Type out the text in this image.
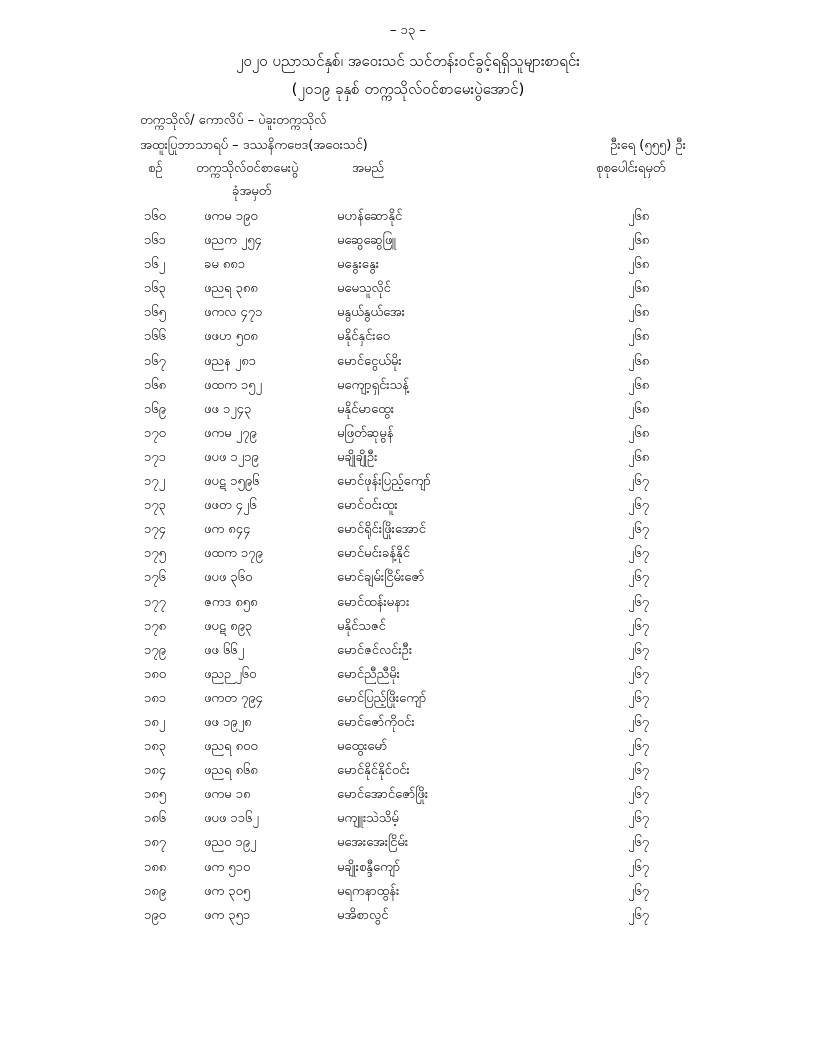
– ၁၃ –
၂၀၂၀ ပညာသင်နှစ်၊ အဝေးသင် သင်တန်းဝင်ခွင့်ရရှိသူများစာရင်း
(၂၀၁၉ ခုနှစ် တက္ကသိုလ်ဝင်စာမေးပွဲအောင်)
တက္ကသိုလ်/ ကောလိပ် – ပဲခူးတက္ကသိုလ်
အထူးပြုဘာသာရပ် – ဒဿနိကဗေဒ(အဝေးသင်)	ဦးရေ (၅၅၅) ဦး
စဉ်	တက္ကသိုလ်ဝင်စာမေးပွဲ
ခုံအမှတ်
အမည်	စုစုပေါင်းရမှတ်
၁၆၀	ဖကမ ၁၉၀	မဟန်ဆောနိုင်	၂၆၈
၁၆၁	ဖညက ၂၅၄	မဆွေဆွေဖြူ	၂၆၈
၁၆၂	ခမ ၈၈၁	မနွေးနွေး	၂၆၈
၁၆၃	ဖညရ ၃၈၈	မမေသူလိုင်	၂၆၈
၁၆၅	ဖကလ ၄၇၁	မနွယ်နွယ်အေး	၂၆၈
၁၆၆	ဖဖဟ ၅၀၈	မနိုင်နှင်းဝေ	၂၆၈
၁၆၇	ဖညန ၂၈၁	မောင်ငွေယ်မိုး	၂၆၈
၁၆၈	ဖထက ၁၅၂	မကျော့ရှင်းသန့်	၂၆၈
၁၆၉	ဖဖ ၁၂၄၃	မနိုင်မာထွေး	၂၆၈
၁၇၀	ဖကမ ၂၇၉	မဖြတ်ဆုမွန်	၂၆၈
၁၇၁	ဖပဖ ၁၂၁၉	မချိုချိုဦး	၂၆၈
၁၇၂	ဖပဋ ၁၅၉၆	မောင်ဖုန်းပြည့်ကျော်	၂၆၇
၁၇၃	ဖဖတ ၄၂၆	မောင်ဝင်းထူး	၂၆၇
၁၇၄	ဖက ၈၄၄	မောင်ရိုင်းဖြိုးအောင်	၂၆၇
၁၇၅	ဖထက ၁၇၉	မောင်မင်းခန့်နိုင်	၂၆၇
၁၇၆	ဖပဖ ၃၆၀	မောင်ချမ်းငြိမ်းဇော်	၂၆၇
၁၇၇	ဇကဒ ၈၅၈	မောင်ထန်းမနား	၂၆၇
၁၇၈	ဖပဋ ၈၉၃	မနိုင်သဇင်	၂၆၇
၁၇၉	ဖဖ ၆၆၂	မောင်ဇင်လင်းဦး	၂၆၇
၁၈၀	ဖညဉ ၂၆၀	မောင်ညီညီမိုး	၂၆၇
၁၈၁	ဖကတ ၇၉၄	မောင်ပြည့်ဖြိုးကျော်	၂၆၇
၁၈၂	ဖဖ ၁၉၂၈	မောင်ဇော်ကိုဝင်း	၂၆၇
၁၈၃	ဖညရ ၈၀၀	မထွေးမော်	၂၆၇
၁၈၄	ဖညရ ၈၆၈	မောင်နိုင်နိုင်ဝင်း	၂၆၇
၁၈၅	ဖကမ ၁၈	မောင်အောင်ဇော်ဖြိုး	၂၆၇
၁၈၆	ဖပဖ ၁၁၆၂	မကျူးသဲသိမ့်	၂၆၇
၁၈၇	ဖညဝ ၁၉၂	မအေးအေးငြိမ်း	၂၆၇
၁၈၈	ဖက ၅၁၀	မချိုးစန္ဒီကျော်	၂၆၇
၁၈၉	ဖက ၃၀၅	မရကနာထွန်း	၂၆၇
၁၉၀	ဖက ၃၅၁	မအိစာလွင်	၂၆၇
